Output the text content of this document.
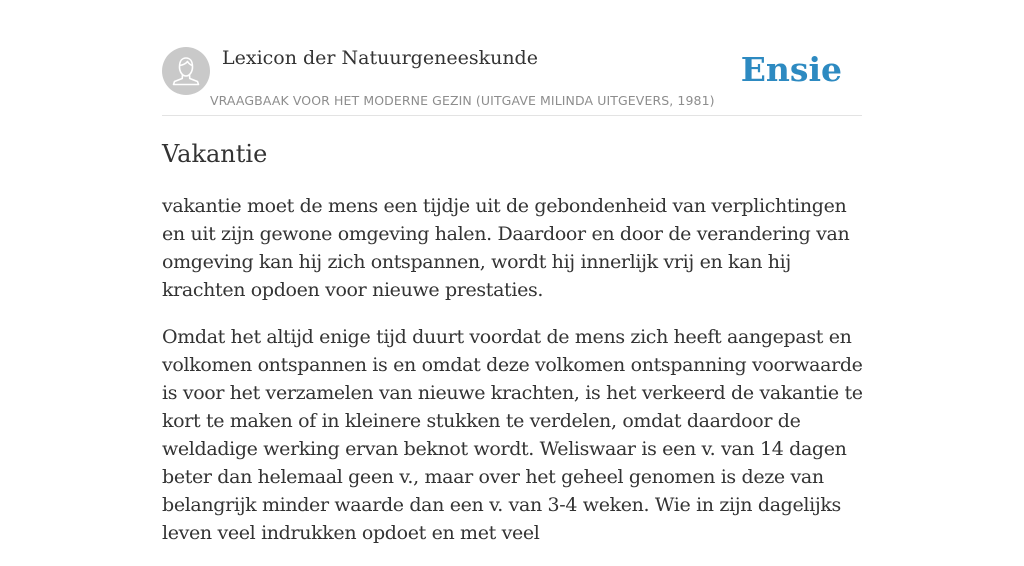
Lexicon der Natuurgeneeskunde
VRAAGBAAK VOOR HET MODERNE GEZIN (UITGAVE MILINDA UITGEVERS, 1981)
Ensie
Vakantie

vakantie moet de mens een tijdje uit de gebondenheid van verplichtingen en uit zijn gewone omgeving halen. Daardoor en door de verandering van omgeving kan hij zich ontspannen, wordt hij innerlijk vrij en kan hij krachten opdoen voor nieuwe prestaties.

Omdat het altijd enige tijd duurt voordat de mens zich heeft aangepast en volkomen ontspannen is en omdat deze volkomen ontspanning voorwaarde is voor het verzamelen van nieuwe krachten, is het verkeerd de vakantie te kort te maken of in kleinere stukken te verdelen, omdat daardoor de weldadige werking ervan beknot wordt. Weliswaar is een v. van 14 dagen beter dan helemaal geen v., maar over het geheel genomen is deze van belangrijk minder waarde dan een v. van 3-4 weken. Wie in zijn dagelijks leven veel indrukken opdoet en met veel
